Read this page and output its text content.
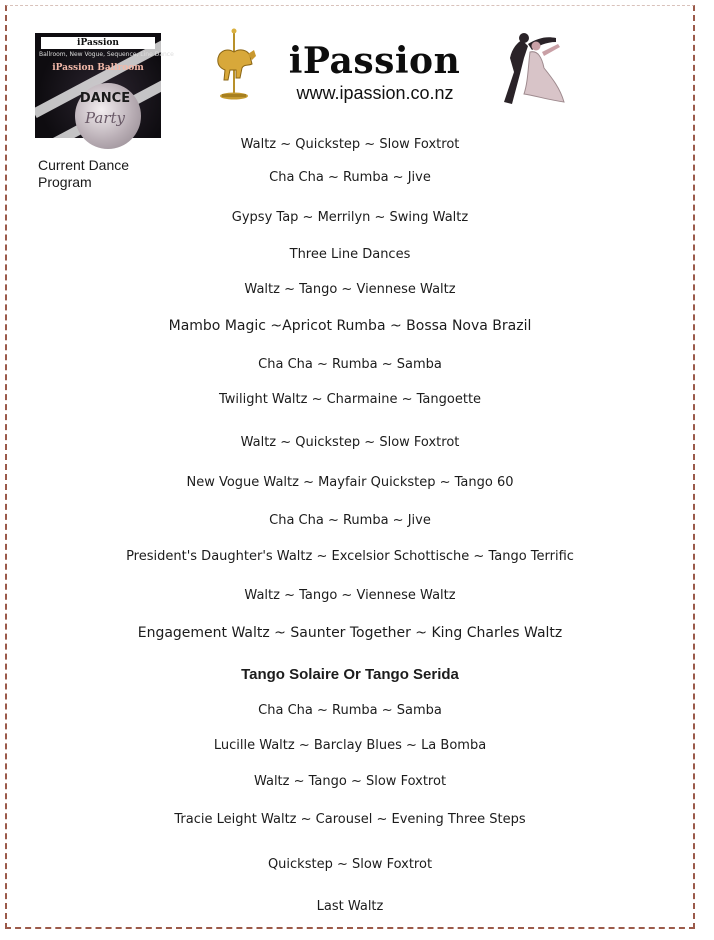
iPassion
Ballroom, New Vogue, Sequence, Line Dance
iPassion Ballroom
DANCE
Party
Current Dance Program
iPassion
www.ipassion.co.nz
Waltz ~ Quickstep ~ Slow Foxtrot
Cha Cha ~ Rumba ~ Jive
Gypsy Tap ~ Merrilyn ~ Swing Waltz
Three Line Dances
Waltz ~ Tango ~ Viennese Waltz
Mambo Magic ~Apricot Rumba ~ Bossa Nova Brazil
Cha Cha ~ Rumba ~ Samba
Twilight Waltz ~ Charmaine ~ Tangoette
Waltz ~ Quickstep ~ Slow Foxtrot
New Vogue Waltz ~ Mayfair Quickstep ~ Tango 60
Cha Cha ~ Rumba ~ Jive
President's Daughter's Waltz ~ Excelsior Schottische ~ Tango Terrific
Waltz ~ Tango ~ Viennese Waltz
Engagement Waltz ~ Saunter Together ~ King Charles Waltz
Tango Solaire Or Tango Serida
Cha Cha ~ Rumba ~ Samba
Lucille Waltz ~ Barclay Blues ~ La Bomba
Waltz ~ Tango ~ Slow Foxtrot
Tracie Leight Waltz ~ Carousel ~ Evening Three Steps
Quickstep ~ Slow Foxtrot
Last Waltz
